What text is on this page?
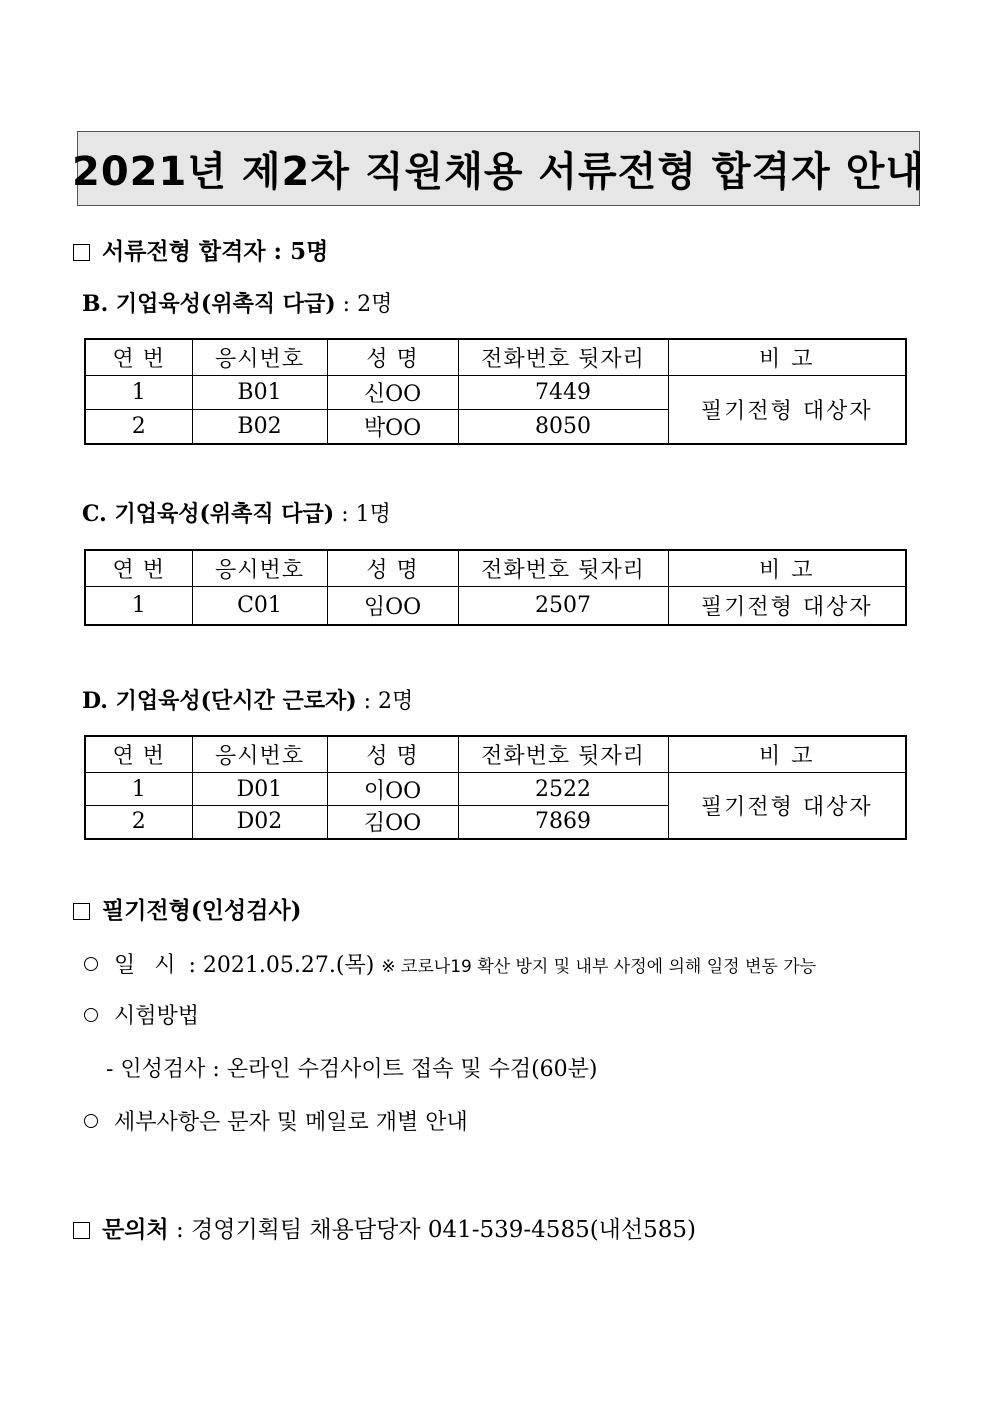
2021년 제2차 직원채용 서류전형 합격자 안내
서류전형 합격자 : 5명
B. 기업육성(위촉직 다급) : 2명
연 번	응시번호	성 명	전화번호 뒷자리	비 고
1	B01	신OO	7449	필기전형 대상자
2	B02	박OO	8050	
C. 기업육성(위촉직 다급) : 1명
연 번	응시번호	성 명	전화번호 뒷자리	비 고
1	C01	임OO	2507	필기전형 대상자
D. 기업육성(단시간 근로자) : 2명
연 번	응시번호	성 명	전화번호 뒷자리	비 고
1	D01	이OO	2522	필기전형 대상자
2	D02	김OO	7869	
필기전형(인성검사)
일 시 : 2021.05.27.(목) ※ 코로나19 확산 방지 및 내부 사정에 의해 일정 변동 가능
시험방법
- 인성검사 : 온라인 수검사이트 접속 및 수검(60분)
세부사항은 문자 및 메일로 개별 안내
문의처 : 경영기획팀 채용담당자 041-539-4585(내선585)
